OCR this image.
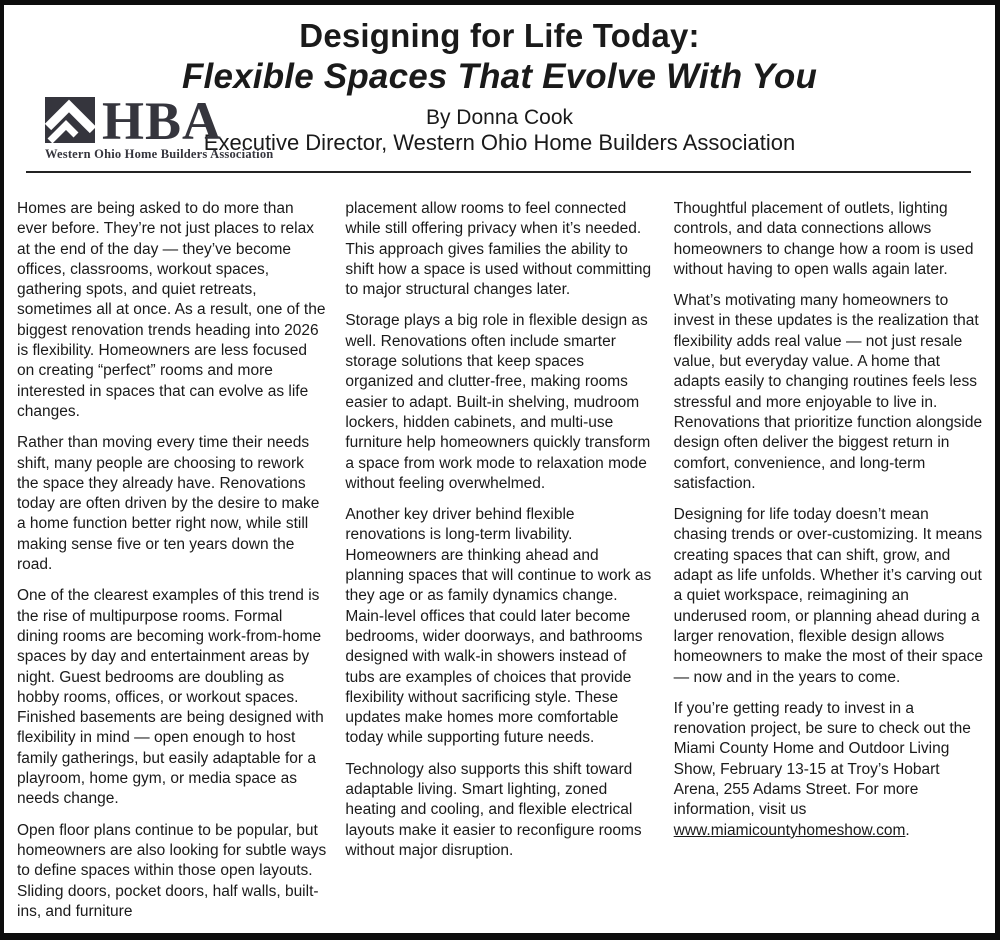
Designing for Life Today:
Flexible Spaces That Evolve With You
By Donna Cook
Executive Director, Western Ohio Home Builders Association
HBA
Western Ohio Home Builders Association

Homes are being asked to do more than ever before. They’re not just places to relax at the end of the day — they’ve become offices, classrooms, workout spaces, gathering spots, and quiet retreats, sometimes all at once. As a result, one of the biggest renovation trends heading into 2026 is flexibility. Homeowners are less focused on creating “perfect” rooms and more interested in spaces that can evolve as life changes.

Rather than moving every time their needs shift, many people are choosing to rework the space they already have. Renovations today are often driven by the desire to make a home function better right now, while still making sense five or ten years down the road.

One of the clearest examples of this trend is the rise of multipurpose rooms. Formal dining rooms are becoming work-from-home spaces by day and entertainment areas by night. Guest bedrooms are doubling as hobby rooms, offices, or workout spaces. Finished basements are being designed with flexibility in mind — open enough to host family gatherings, but easily adaptable for a playroom, home gym, or media space as needs change.

Open floor plans continue to be popular, but homeowners are also looking for subtle ways to define spaces within those open layouts. Sliding doors, pocket doors, half walls, built-ins, and furniture

placement allow rooms to feel connected while still offering privacy when it’s needed. This approach gives families the ability to shift how a space is used without committing to major structural changes later.

Storage plays a big role in flexible design as well. Renovations often include smarter storage solutions that keep spaces organized and clutter-free, making rooms easier to adapt. Built-in shelving, mudroom lockers, hidden cabinets, and multi-use furniture help homeowners quickly transform a space from work mode to relaxation mode without feeling overwhelmed.

Another key driver behind flexible renovations is long-term livability. Homeowners are thinking ahead and planning spaces that will continue to work as they age or as family dynamics change. Main-level offices that could later become bedrooms, wider doorways, and bathrooms designed with walk-in showers instead of tubs are examples of choices that provide flexibility without sacrificing style. These updates make homes more comfortable today while supporting future needs.

Technology also supports this shift toward adaptable living. Smart lighting, zoned heating and cooling, and flexible electrical layouts make it easier to reconfigure rooms without major disruption.

Thoughtful placement of outlets, lighting controls, and data connections allows homeowners to change how a room is used without having to open walls again later.

What’s motivating many homeowners to invest in these updates is the realization that flexibility adds real value — not just resale value, but everyday value. A home that adapts easily to changing routines feels less stressful and more enjoyable to live in. Renovations that prioritize function alongside design often deliver the biggest return in comfort, convenience, and long-term satisfaction.

Designing for life today doesn’t mean chasing trends or over-customizing. It means creating spaces that can shift, grow, and adapt as life unfolds. Whether it’s carving out a quiet workspace, reimagining an underused room, or planning ahead during a larger renovation, flexible design allows homeowners to make the most of their space — now and in the years to come.

If you’re getting ready to invest in a renovation project, be sure to check out the Miami County Home and Outdoor Living Show, February 13-15 at Troy’s Hobart Arena, 255 Adams Street. For more information, visit us www.miamicountyhomeshow.com.
